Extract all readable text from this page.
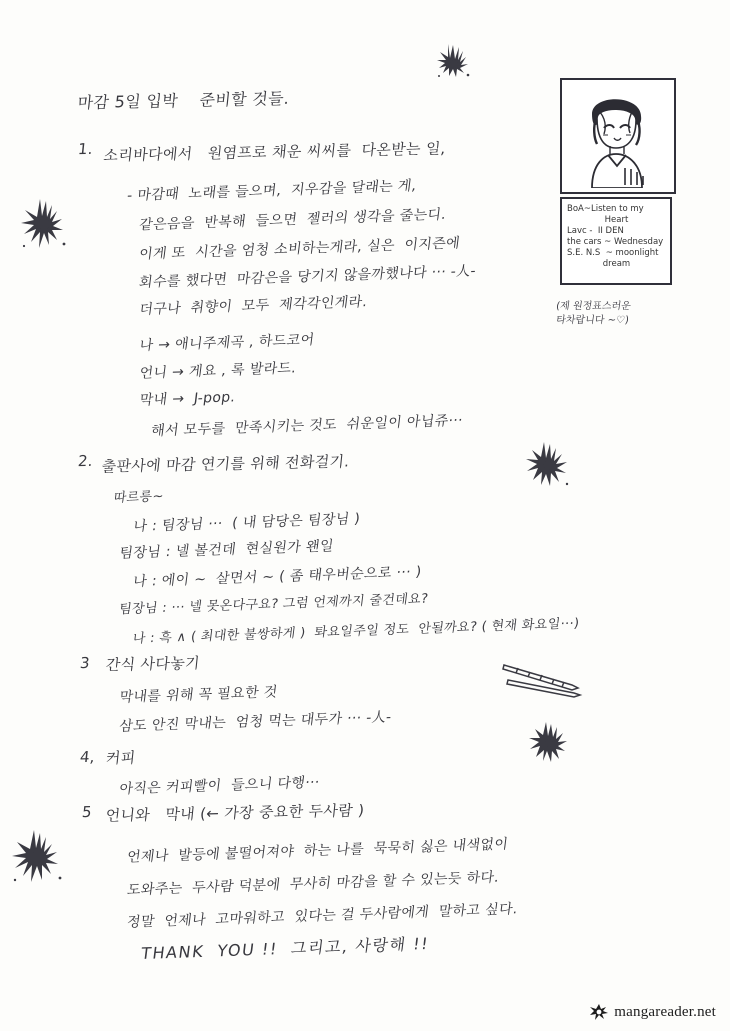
마감 5일 입박    준비할 것들.
1. 소리바다에서   원염프로 채운 씨씨를  다온받는 일,
- 마감때  노래를 들으며,  지우감을 달래는 게,
같은음을  반복해  들으면  젤러의 생각을 줄는디.
이게 또  시간을 엄청 소비하는게라, 실은  이지즌에
회수를 했다면  마감은을 당기지 않을까했나다 ··· -人-
더구나  취향이  모두  제각각인게라.
나 → 애니주제곡 , 하드코어
언니 → 게요 , 록 발라드.
막내 →  J-pop.
해서 모두를  만족시키는 것도  쉬운일이 아닙쥬···
2. 출판사에 마감 연기를 위해 전화걸기.
따르릉~
나 : 팀장님 ···  ( 내 담당은 팀장님 )
팀장님 : 넬 볼건데  현실원가 왠일
나 : 에이 ~  살면서 ~ ( 좀 태우버순으로 ··· )
팀장님 : ··· 넬 못온다구요? 그럼 언제까지 줄건데요?
나 : 흑 ∧ ( 최대한 불쌍하게 )  톼요일주일 정도  안될까요? ( 현재 화요일···)
3 간식 사다놓기
막내를 위해 꼭 필요한 것
삼도 안진 막내는  엄청 먹는 대두가 ··· -人-
4, 커피
아직은 커피빨이  들으니 다행···
5 언니와   막내 (← 가장 중요한 두사람 )
언제나  발등에 불떨어져야  하는 나를  묵묵히 싫은 내색없이
도와주는  두사람 덕분에  무사히 마감을 할 수 있는듯 하다.
정말  언제나  고마워하고  있다는 걸 두사람에게  말하고 싶다.
THANK  YOU !!  그리고, 사랑해 !!
BoA~Listen to my
Heart
Lavc -  II DEN
the cars ~ Wednesday
S.E. N.S  ~ moonlight
dream
(제 원정표스러운
타차랍니다 ~♡)
mangareader.net
